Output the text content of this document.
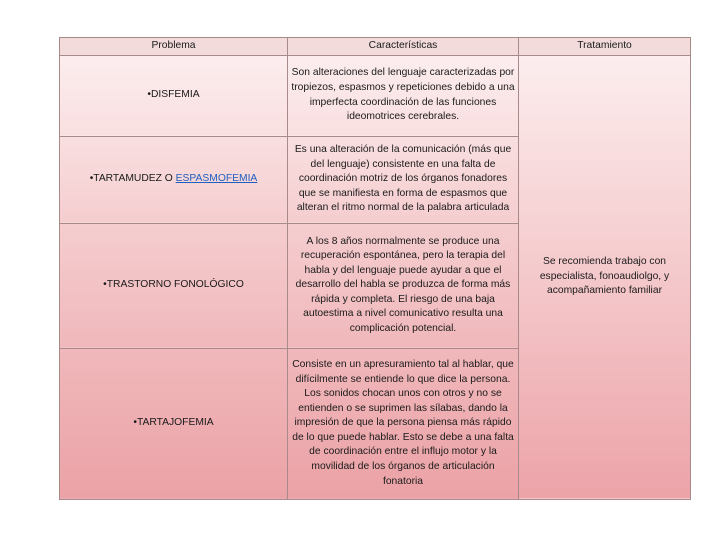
Problema	Características	Tratamiento
•DISFEMIA	Son alteraciones del lenguaje caracterizadas por tropiezos, espasmos y repeticiones debido a una imperfecta coordinación de las funciones ideomotrices cerebrales.	Se recomienda trabajo con especialista, fonoaudiolgo, y acompañamiento familiar
•TARTAMUDEZ O ESPASMOFEMIA	Es una alteración de la comunicación (más que del lenguaje) consistente en una falta de coordinación motriz de los órganos fonadores que se manifiesta en forma de espasmos que alteran el ritmo normal de la palabra articulada	
•TRASTORNO FONOLÓGICO	A los 8 años normalmente se produce una recuperación espontánea, pero la terapia del habla y del lenguaje puede ayudar a que el desarrollo del habla se produzca de forma más rápida y completa. El riesgo de una baja autoestima a nivel comunicativo resulta una complicación potencial.	
•TARTAJOFEMIA	Consiste en un apresuramiento tal al hablar, que difícilmente se entiende lo que dice la persona. Los sonidos chocan unos con otros y no se entienden o se suprimen las sílabas, dando la impresión de que la persona piensa más rápido de lo que puede hablar. Esto se debe a una falta de coordinación entre el influjo motor y la movilidad de los órganos de articulación fonatoria	
